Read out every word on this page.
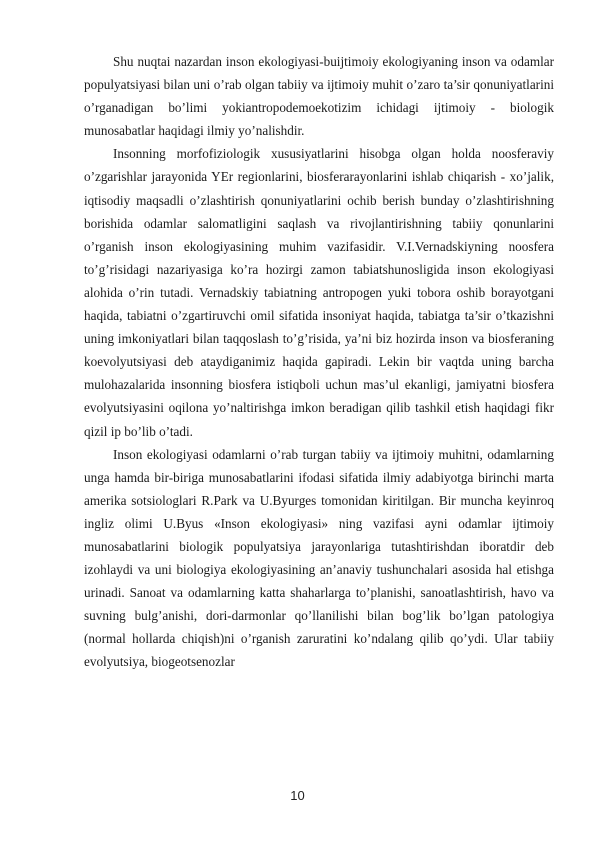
Shu nuqtai nazardan inson ekologiyasi-buijtimoiy ekologiyaning inson va odamlar populyatsiyasi bilan uni o’rab olgan tabiiy va ijtimoiy muhit o’zaro ta’sir qonuniyatlarini o’rganadigan bo’limi yokiantropodemoekotizim ichidagi ijtimoiy - biologik munosabatlar haqidagi ilmiy yo’nalishdir.

Insonning morfofiziologik xususiyatlarini hisobga olgan holda noosferaviy o’zgarishlar jarayonida YEr regionlarini, biosferarayonlarini ishlab chiqarish - xo’jalik, iqtisodiy maqsadli o’zlashtirish qonuniyatlarini ochib berish bunday o’zlashtirishning borishida odamlar salomatligini saqlash va rivojlantirishning tabiiy qonunlarini o’rganish inson ekologiyasining muhim vazifasidir. V.I.Vernadskiyning noosfera to’g’risidagi nazariyasiga ko’ra hozirgi zamon tabiatshunosligida inson ekologiyasi alohida o’rin tutadi. Vernadskiy tabiatning antropogen yuki tobora oshib borayotgani haqida, tabiatni o’zgartiruvchi omil sifatida insoniyat haqida, tabiatga ta’sir o’tkazishni uning imkoniyatlari bilan taqqoslash to’g’risida, ya’ni biz hozirda inson va biosferaning koevolyutsiyasi deb ataydiganimiz haqida gapiradi. Lekin bir vaqtda uning barcha mulohazalarida insonning biosfera istiqboli uchun mas’ul ekanligi, jamiyatni biosfera evolyutsiyasini oqilona yo’naltirishga imkon beradigan qilib tashkil etish haqidagi fikr qizil ip bo’lib o’tadi.

Inson ekologiyasi odamlarni o’rab turgan tabiiy va ijtimoiy muhitni, odamlarning unga hamda bir-biriga munosabatlarini ifodasi sifatida ilmiy adabiyotga birinchi marta amerika sotsiologlari R.Park va U.Byurges tomonidan kiritilgan. Bir muncha keyinroq ingliz olimi U.Byus «Inson ekologiyasi» ning vazifasi ayni odamlar ijtimoiy munosabatlarini biologik populyatsiya jarayonlariga tutashtirishdan iboratdir deb izohlaydi va uni biologiya ekologiyasining an’anaviy tushunchalari asosida hal etishga urinadi. Sanoat va odamlarning katta shaharlarga to’planishi, sanoatlashtirish, havo va suvning bulg’anishi, dori-darmonlar qo’llanilishi bilan bog’lik bo’lgan patologiya (normal hollarda chiqish)ni o’rganish zaruratini ko’ndalang qilib qo’ydi. Ular tabiiy evolyutsiya, biogeotsenozlar

10
